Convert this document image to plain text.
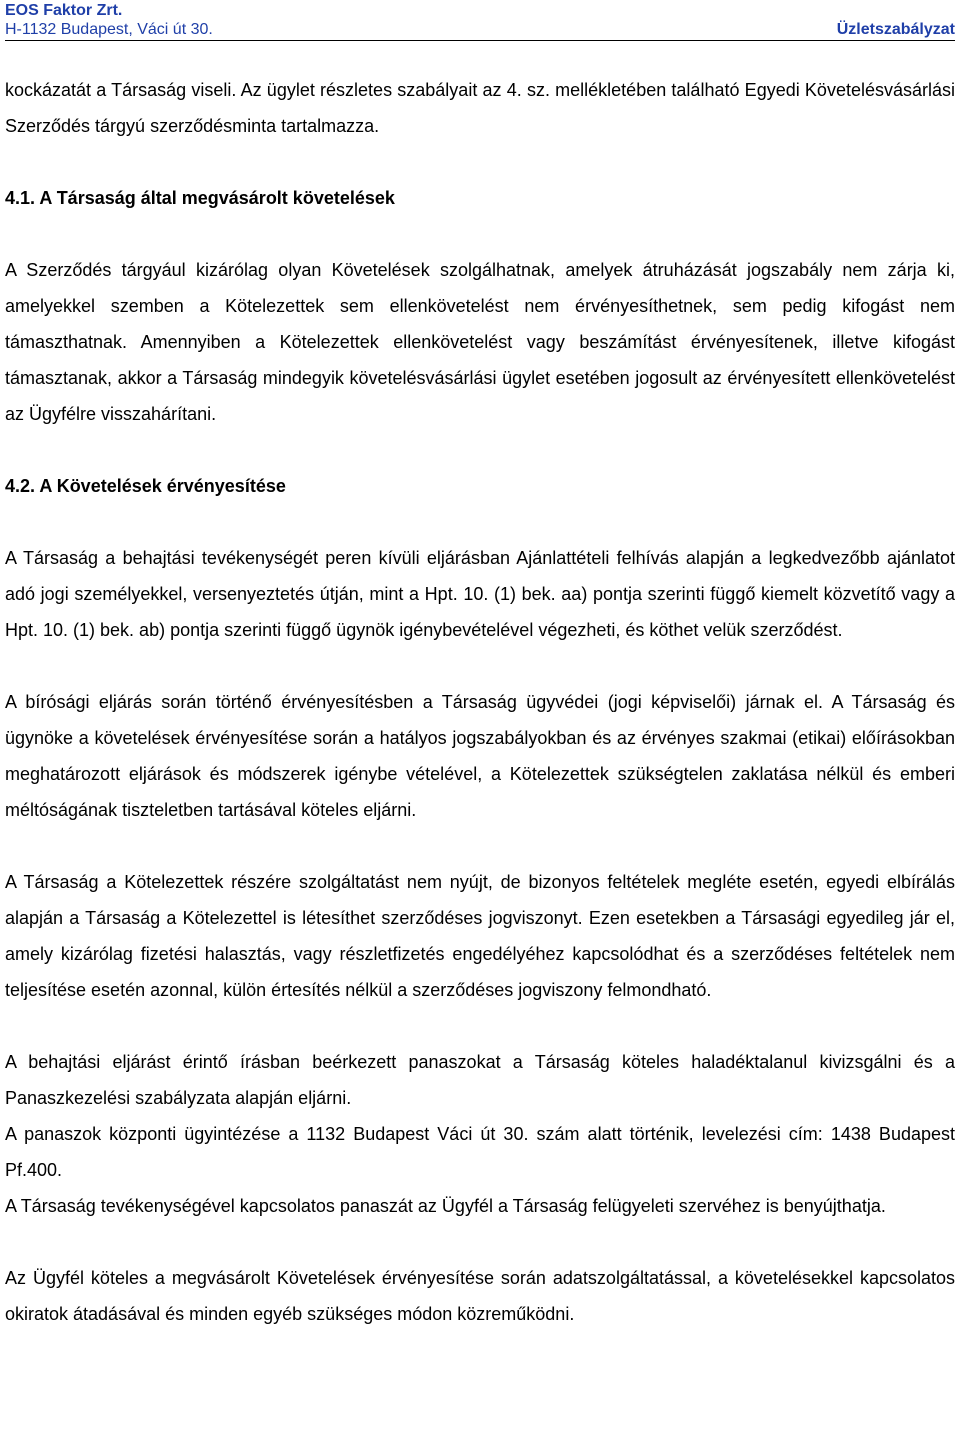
EOS Faktor Zrt.
H-1132 Budapest, Váci út 30.	Üzletszabályzat

kockázatát a Társaság viseli. Az ügylet részletes szabályait az 4. sz. mellékletében található Egyedi Követelésvásárlási Szerződés tárgyú szerződésminta tartalmazza.

4.1. A Társaság által megvásárolt követelések

A Szerződés tárgyául kizárólag olyan Követelések szolgálhatnak, amelyek átruházását jogszabály nem zárja ki, amelyekkel szemben a Kötelezettek sem ellenkövetelést nem érvényesíthetnek, sem pedig kifogást nem támaszthatnak. Amennyiben a Kötelezettek ellenkövetelést vagy beszámítást érvényesítenek, illetve kifogást támasztanak, akkor a Társaság mindegyik követelésvásárlási ügylet esetében jogosult az érvényesített ellenkövetelést az Ügyfélre visszahárítani.

4.2. A Követelések érvényesítése

A Társaság a behajtási tevékenységét peren kívüli eljárásban Ajánlattételi felhívás alapján a legkedvezőbb ajánlatot adó jogi személyekkel, versenyeztetés útján, mint a Hpt. 10. (1) bek. aa) pontja szerinti függő kiemelt közvetítő vagy a Hpt. 10. (1) bek. ab) pontja szerinti függő ügynök igénybevételével végezheti, és köthet velük szerződést.

A bírósági eljárás során történő érvényesítésben a Társaság ügyvédei (jogi képviselői) járnak el. A Társaság és ügynöke a követelések érvényesítése során a hatályos jogszabályokban és az érvényes szakmai (etikai) előírásokban meghatározott eljárások és módszerek igénybe vételével, a Kötelezettek szükségtelen zaklatása nélkül és emberi méltóságának tiszteletben tartásával köteles eljárni.

A Társaság a Kötelezettek részére szolgáltatást nem nyújt, de bizonyos feltételek megléte esetén, egyedi elbírálás alapján a Társaság a Kötelezettel is létesíthet szerződéses jogviszonyt. Ezen esetekben a Társasági egyedileg jár el, amely kizárólag fizetési halasztás, vagy részletfizetés engedélyéhez kapcsolódhat és a szerződéses feltételek nem teljesítése esetén azonnal, külön értesítés nélkül a szerződéses jogviszony felmondható.

A behajtási eljárást érintő írásban beérkezett panaszokat a Társaság köteles haladéktalanul kivizsgálni és a Panaszkezelési szabályzata alapján eljárni.

A panaszok központi ügyintézése a 1132 Budapest Váci út 30. szám alatt történik, levelezési cím: 1438 Budapest Pf.400.

A Társaság tevékenységével kapcsolatos panaszát az Ügyfél a Társaság felügyeleti szervéhez is benyújthatja.

Az Ügyfél köteles a megvásárolt Követelések érvényesítése során adatszolgáltatással, a követelésekkel kapcsolatos okiratok átadásával és minden egyéb szükséges módon közreműködni.
